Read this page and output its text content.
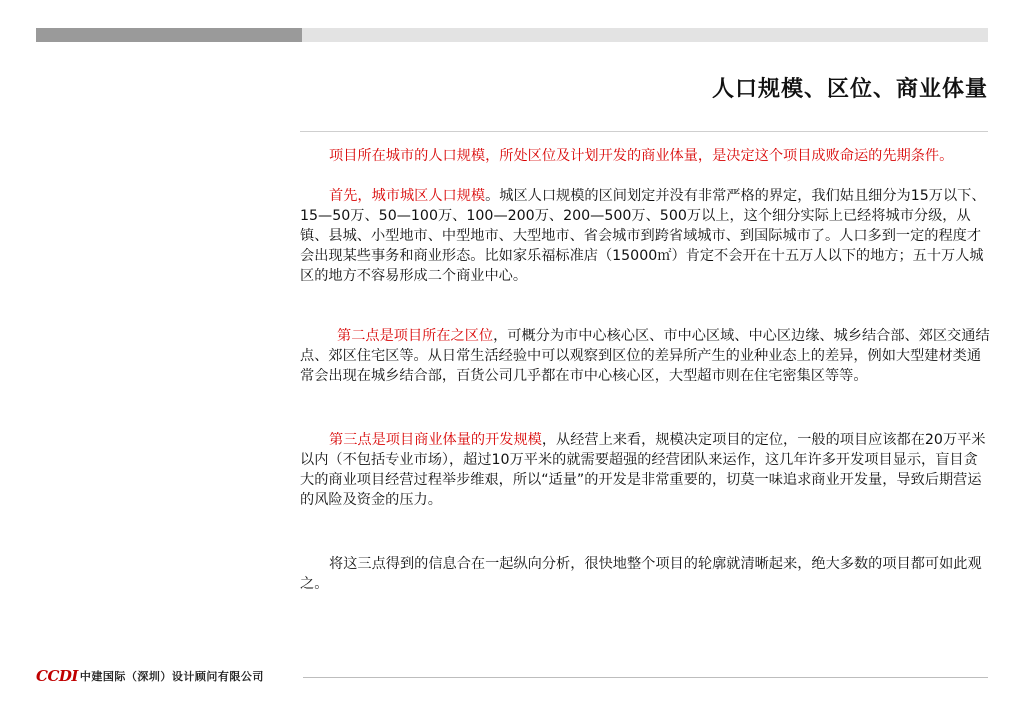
人口规模、区位、商业体量

项目所在城市的人口规模，所处区位及计划开发的商业体量，是决定这个项目成败命运的先期条件。

首先，城市城区人口规模。城区人口规模的区间划定并没有非常严格的界定，我们姑且细分为15万以下、15—50万、50—100万、100—200万、200—500万、500万以上，这个细分实际上已经将城市分级，从镇、县城、小型地市、中型地市、大型地市、省会城市到跨省域城市、到国际城市了。人口多到一定的程度才会出现某些事务和商业形态。比如家乐福标准店（15000㎡）肯定不会开在十五万人以下的地方；五十万人城区的地方不容易形成二个商业中心。

第二点是项目所在之区位，可概分为市中心核心区、市中心区域、中心区边缘、城乡结合部、郊区交通结点、郊区住宅区等。从日常生活经验中可以观察到区位的差异所产生的业种业态上的差异，例如大型建材类通常会出现在城乡结合部，百货公司几乎都在市中心核心区，大型超市则在住宅密集区等等。

第三点是项目商业体量的开发规模，从经营上来看，规模决定项目的定位，一般的项目应该都在20万平米以内（不包括专业市场），超过10万平米的就需要超强的经营团队来运作，这几年许多开发项目显示，盲目贪大的商业项目经营过程举步维艰，所以“适量”的开发是非常重要的，切莫一味追求商业开发量，导致后期营运的风险及资金的压力。

将这三点得到的信息合在一起纵向分析，很快地整个项目的轮廓就清晰起来，绝大多数的项目都可如此观之。

CCDI 中建国际（深圳）设计顾问有限公司
